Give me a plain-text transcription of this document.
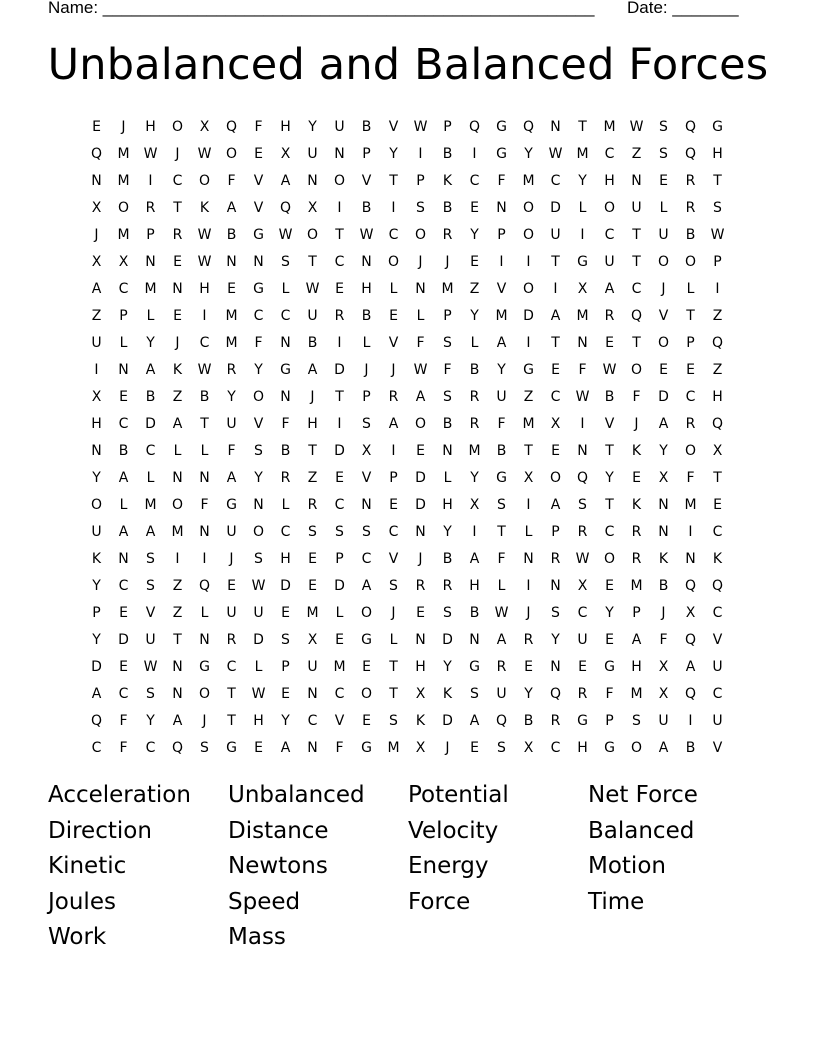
Name: ____________________________________________________ Date: _______
Unbalanced and Balanced Forces
E	J	H	O	X	Q	F	H	Y	U	B	V	W	P	Q	G	Q	N	T	M	W	S	Q	G
Q	M	W	J	W	O	E	X	U	N	P	Y	I	B	I	G	Y	W	M	C	Z	S	Q	H
N	M	I	C	O	F	V	A	N	O	V	T	P	K	C	F	M	C	Y	H	N	E	R	T
X	O	R	T	K	A	V	Q	X	I	B	I	S	B	E	N	O	D	L	O	U	L	R	S
J	M	P	R	W	B	G	W	O	T	W	C	O	R	Y	P	O	U	I	C	T	U	B	W
X	X	N	E	W	N	N	S	T	C	N	O	J	J	E	I	I	T	G	U	T	O	O	P
A	C	M	N	H	E	G	L	W	E	H	L	N	M	Z	V	O	I	X	A	C	J	L	I
Z	P	L	E	I	M	C	C	U	R	B	E	L	P	Y	M	D	A	M	R	Q	V	T	Z
U	L	Y	J	C	M	F	N	B	I	L	V	F	S	L	A	I	T	N	E	T	O	P	Q
I	N	A	K	W	R	Y	G	A	D	J	J	W	F	B	Y	G	E	F	W	O	E	E	Z
X	E	B	Z	B	Y	O	N	J	T	P	R	A	S	R	U	Z	C	W	B	F	D	C	H
H	C	D	A	T	U	V	F	H	I	S	A	O	B	R	F	M	X	I	V	J	A	R	Q
N	B	C	L	L	F	S	B	T	D	X	I	E	N	M	B	T	E	N	T	K	Y	O	X
Y	A	L	N	N	A	Y	R	Z	E	V	P	D	L	Y	G	X	O	Q	Y	E	X	F	T
O	L	M	O	F	G	N	L	R	C	N	E	D	H	X	S	I	A	S	T	K	N	M	E
U	A	A	M	N	U	O	C	S	S	S	C	N	Y	I	T	L	P	R	C	R	N	I	C
K	N	S	I	I	J	S	H	E	P	C	V	J	B	A	F	N	R	W	O	R	K	N	K
Y	C	S	Z	Q	E	W	D	E	D	A	S	R	R	H	L	I	N	X	E	M	B	Q	Q
P	E	V	Z	L	U	U	E	M	L	O	J	E	S	B	W	J	S	C	Y	P	J	X	C
Y	D	U	T	N	R	D	S	X	E	G	L	N	D	N	A	R	Y	U	E	A	F	Q	V
D	E	W	N	G	C	L	P	U	M	E	T	H	Y	G	R	E	N	E	G	H	X	A	U
A	C	S	N	O	T	W	E	N	C	O	T	X	K	S	U	Y	Q	R	F	M	X	Q	C
Q	F	Y	A	J	T	H	Y	C	V	E	S	K	D	A	Q	B	R	G	P	S	U	I	U
C	F	C	Q	S	G	E	A	N	F	G	M	X	J	E	S	X	C	H	G	O	A	B	V
Acceleration	Unbalanced	Potential	Net Force
Direction	Distance	Velocity	Balanced
Kinetic	Newtons	Energy	Motion
Joules	Speed	Force	Time
Work	Mass
